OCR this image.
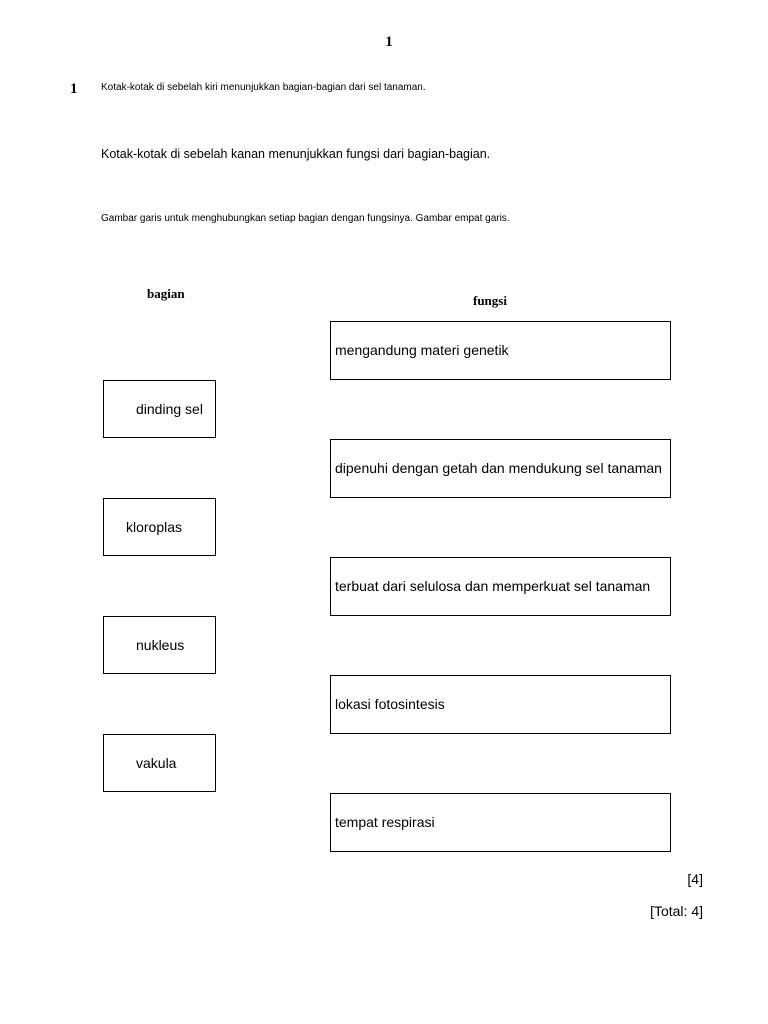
1
1 Kotak-kotak di sebelah kiri menunjukkan bagian-bagian dari sel tanaman.
Kotak-kotak di sebelah kanan menunjukkan fungsi dari bagian-bagian.
Gambar garis untuk menghubungkan setiap bagian dengan fungsinya. Gambar empat garis.
bagian	fungsi
dinding sel
kloroplas
nukleus
vakula
mengandung materi genetik
dipenuhi dengan getah dan mendukung sel tanaman
terbuat dari selulosa dan memperkuat sel tanaman
lokasi fotosintesis
tempat respirasi
[4]
[Total: 4]
